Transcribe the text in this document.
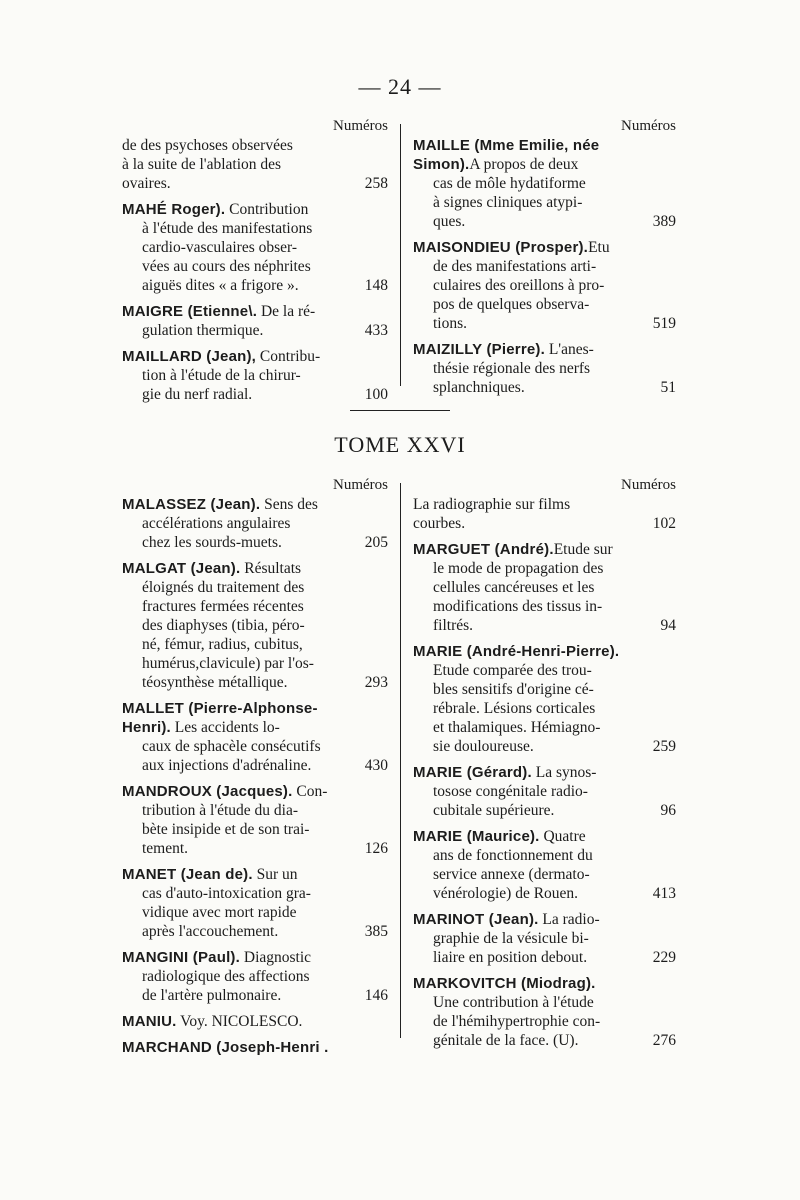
— 24 —
Numéros
de des psychoses observées
à la suite de l'ablation des
ovaires.	258
MAHÉ Roger). Contribution
à l'étude des manifestations
cardio-vasculaires obser-
vées au cours des néphrites
aiguës dites « a frigore ».	148
MAIGRE (Etienne\. De la ré-
gulation thermique.	433
MAILLARD (Jean), Contribu-
tion à l'étude de la chirur-
gie du nerf radial.	100
Numéros
MAILLE (Mme Emilie, née
Simon).A propos de deux
cas de môle hydatiforme
à signes cliniques atypi-
ques.	389
MAISONDIEU (Prosper).Etu
de des manifestations arti-
culaires des oreillons à pro-
pos de quelques observa-
tions.	519
MAIZILLY (Pierre). L'anes-
thésie régionale des nerfs
splanchniques.	51
TOME XXVI
Numéros
MALASSEZ (Jean). Sens des
accélérations angulaires
chez les sourds-muets.	205
MALGAT (Jean). Résultats
éloignés du traitement des
fractures fermées récentes
des diaphyses (tibia, péro-
né, fémur, radius, cubitus,
humérus,clavicule) par l'os-
téosynthèse métallique.	293
MALLET (Pierre-Alphonse-
Henri). Les accidents lo-
caux de sphacèle consécutifs
aux injections d'adrénaline.	430
MANDROUX (Jacques). Con-
tribution à l'étude du dia-
bète insipide et de son trai-
tement.	126
MANET (Jean de). Sur un
cas d'auto-intoxication gra-
vidique avec mort rapide
après l'accouchement.	385
MANGINI (Paul). Diagnostic
radiologique des affections
de l'artère pulmonaire.	146
MANIU. Voy. NICOLESCO.
MARCHAND (Joseph-Henri .
Numéros
La radiographie sur films
courbes.	102
MARGUET (André).Etude sur
le mode de propagation des
cellules cancéreuses et les
modifications des tissus in-
filtrés.	94
MARIE (André-Henri-Pierre).
Etude comparée des trou-
bles sensitifs d'origine cé-
rébrale. Lésions corticales
et thalamiques. Hémiagno-
sie douloureuse.	259
MARIE (Gérard). La synos-
tosose congénitale radio-
cubitale supérieure.	96
MARIE (Maurice). Quatre
ans de fonctionnement du
service annexe (dermato-
vénérologie) de Rouen.	413
MARINOT (Jean). La radio-
graphie de la vésicule bi-
liaire en position debout.	229
MARKOVITCH (Miodrag).
Une contribution à l'étude
de l'hémihypertrophie con-
génitale de la face. (U).	276
